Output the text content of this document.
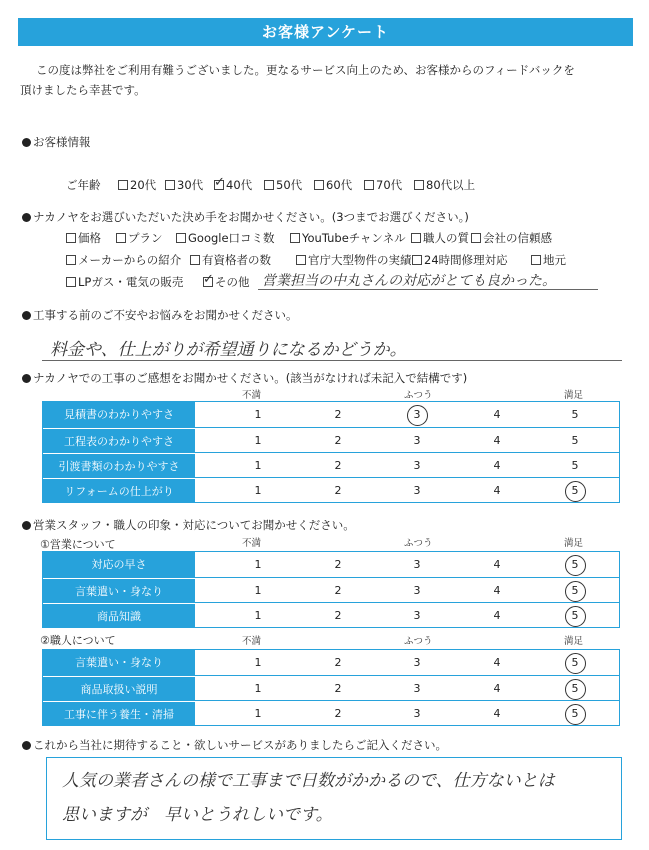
お客様アンケート
この度は弊社をご利用有難うございました。更なるサービス向上のため、お客様からのフィードバックを
頂けましたら幸甚です。
お客様情報
ご年齢	20代	30代 ✓	40代	50代	60代	70代	80代以上
ナカノヤをお選びいただいた決め手をお聞かせください。(3つまでお選びください。)
価格	プラン	Google口コミ数	YouTubeチャンネル	職人の質	会社の信頼感
メーカーからの紹介	有資格者の数	官庁大型物件の実績	24時間修理対応	地元
LPガス・電気の販売 ✓	その他 営業担当の中丸さんの対応がとても良かった。
工事する前のご不安やお悩みをお聞かせください。
料金や、仕上がりが希望通りになるかどうか。
ナカノヤでの工事のご感想をお聞かせください。(該当がなければ未記入で結構です)
営業スタッフ・職人の印象・対応についてお聞かせください。
①営業について
②職人について
不満	ふつう	満足
見積書のわかりやすさ	1	2	3	4	5
工程表のわかりやすさ	1	2	3	4	5
引渡書類のわかりやすさ	1	2	3	4	5
リフォームの仕上がり	1	2	3	4	5
不満	ふつう	満足
対応の早さ	1	2	3	4	5
言葉遣い・身なり	1	2	3	4	5
商品知識	1	2	3	4	5
不満	ふつう	満足
言葉遣い・身なり	1	2	3	4	5
商品取扱い説明	1	2	3	4	5
工事に伴う養生・清掃	1	2	3	4	5
これから当社に期待すること・欲しいサービスがありましたらご記入ください。
人気の業者さんの様で工事まで日数がかかるので、仕方ないとは
思いますが　早いとうれしいです。
